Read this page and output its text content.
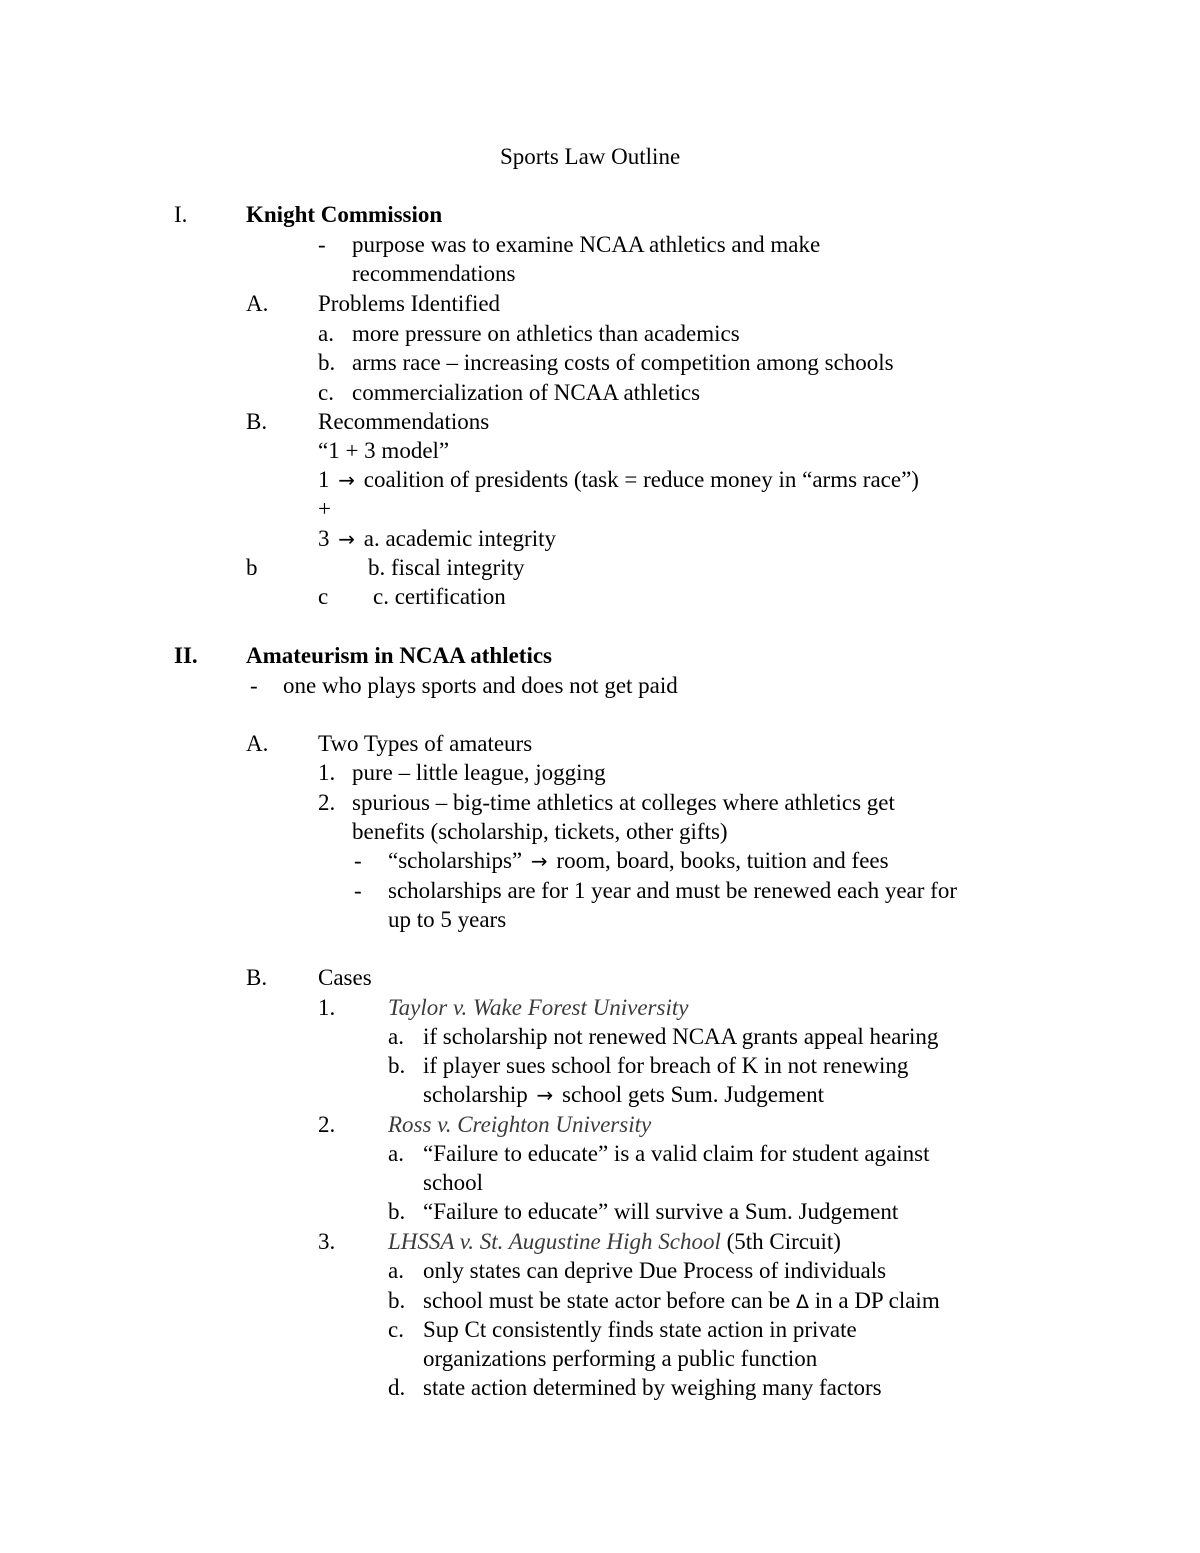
Sports Law Outline
I.	Knight Commission
- purpose was to examine NCAA athletics and make
recommendations
A. Problems Identified
a. more pressure on athletics than academics
b. arms race – increasing costs of competition among schools
c. commercialization of NCAA athletics
B. Recommendations
“1 + 3 model”
1 → coalition of presidents (task = reduce money in “arms race”)
+
3 → a. academic integrity
b	b. fiscal integrity
c c. certification
II. Amateurism in NCAA athletics
- one who plays sports and does not get paid
A. Two Types of amateurs
1. pure – little league, jogging
2. spurious – big-time athletics at colleges where athletics get
benefits (scholarship, tickets, other gifts)
- “scholarships” → room, board, books, tuition and fees
- scholarships are for 1 year and must be renewed each year for
up to 5 years
B. Cases
1. Taylor v. Wake Forest University
a. if scholarship not renewed NCAA grants appeal hearing
b. if player sues school for breach of K in not renewing
scholarship → school gets Sum. Judgement
2. Ross v. Creighton University
a. “Failure to educate” is a valid claim for student against
school
b. “Failure to educate” will survive a Sum. Judgement
3. LHSSA v. St. Augustine High School (5th Circuit)
a. only states can deprive Due Process of individuals
b. school must be state actor before can be Δ in a DP claim
c. Sup Ct consistently finds state action in private
organizations performing a public function
d. state action determined by weighing many factors
